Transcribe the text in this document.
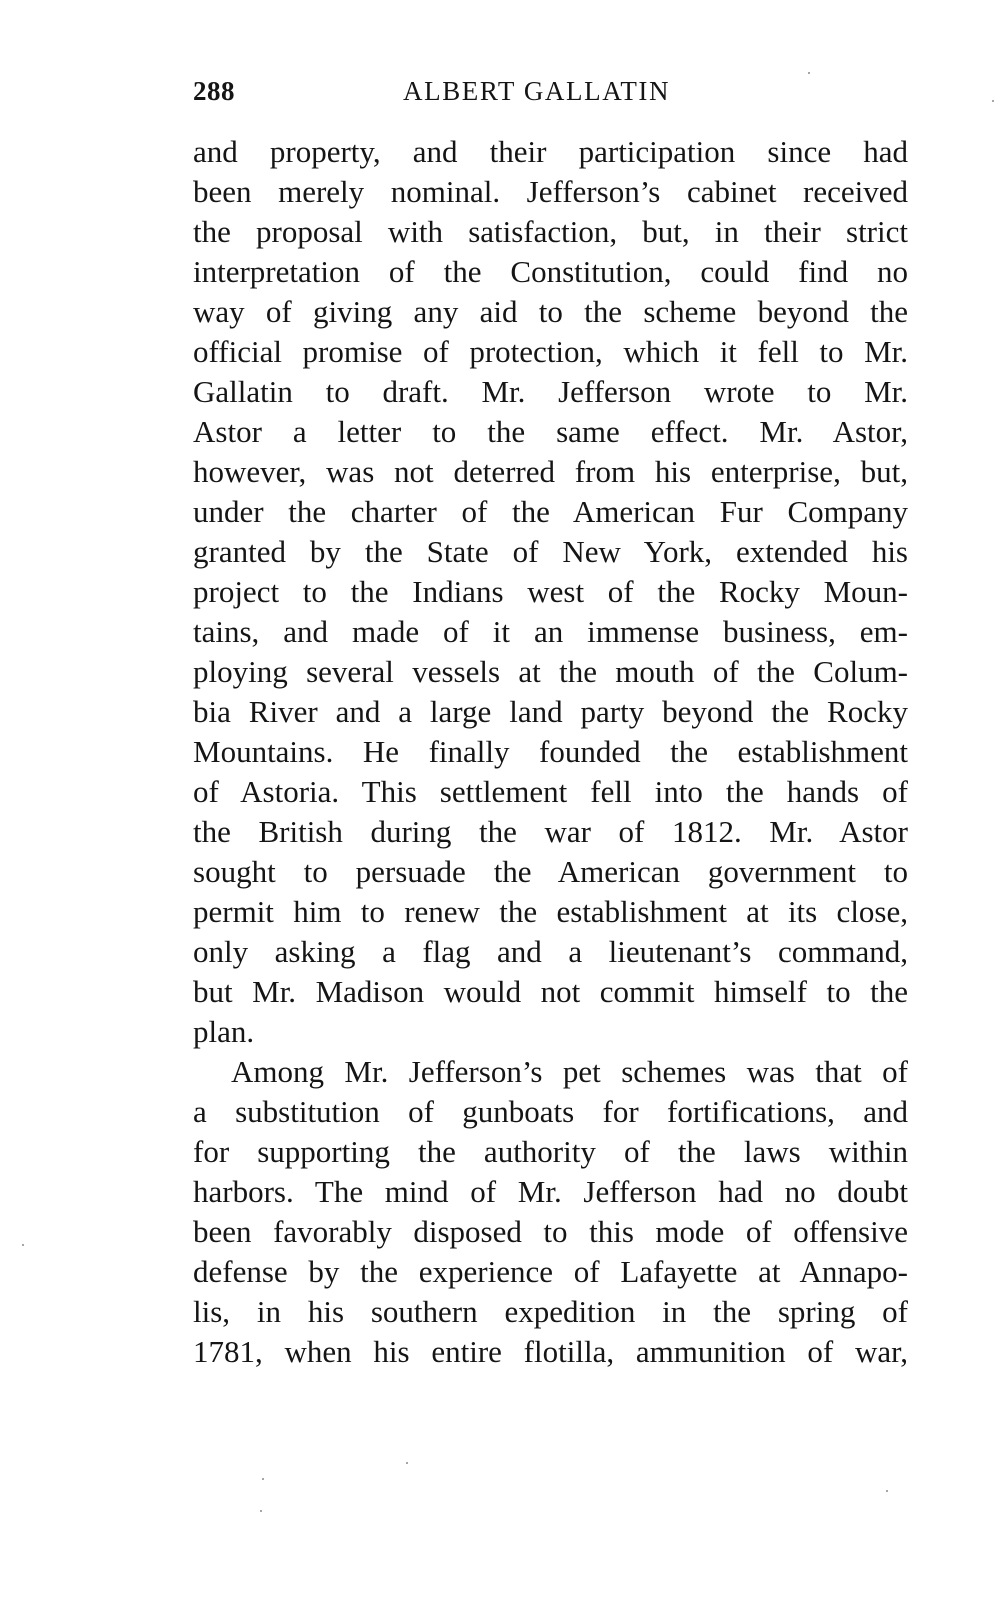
288	ALBERT GALLATIN
and property, and their participation since had
been merely nominal. Jefferson’s cabinet received
the proposal with satisfaction, but, in their strict
interpretation of the Constitution, could find no
way of giving any aid to the scheme beyond the
official promise of protection, which it fell to Mr.
Gallatin to draft. Mr. Jefferson wrote to Mr.
Astor a letter to the same effect. Mr. Astor,
however, was not deterred from his enterprise, but,
under the charter of the American Fur Company
granted by the State of New York, extended his
project to the Indians west of the Rocky Moun-
tains, and made of it an immense business, em-
ploying several vessels at the mouth of the Colum-
bia River and a large land party beyond the Rocky
Mountains. He finally founded the establishment
of Astoria. This settlement fell into the hands of
the British during the war of 1812. Mr. Astor
sought to persuade the American government to
permit him to renew the establishment at its close,
only asking a flag and a lieutenant’s command,
but Mr. Madison would not commit himself to the
plan.
Among Mr. Jefferson’s pet schemes was that of
a substitution of gunboats for fortifications, and
for supporting the authority of the laws within
harbors. The mind of Mr. Jefferson had no doubt
been favorably disposed to this mode of offensive
defense by the experience of Lafayette at Annapo-
lis, in his southern expedition in the spring of
1781, when his entire flotilla, ammunition of war,
